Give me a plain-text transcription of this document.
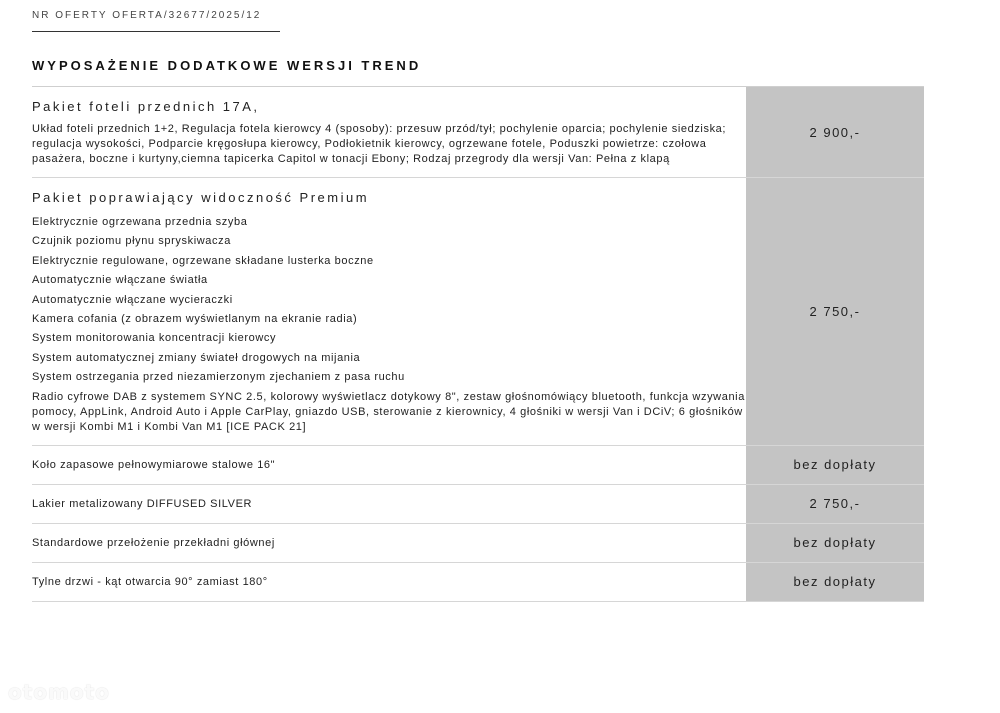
NR OFERTY OFERTA/32677/2025/12
WYPOSAŻENIE DODATKOWE WERSJI TREND
Pakiet foteli przednich 17A,
Układ foteli przednich 1+2, Regulacja fotela kierowcy 4 (sposoby): przesuw przód/tył; pochylenie oparcia; pochylenie siedziska; regulacja wysokości, Podparcie kręgosłupa kierowcy, Podłokietnik kierowcy, ogrzewane fotele, Poduszki powietrze: czołowa pasażera, boczne i kurtyny,ciemna tapicerka Capitol w tonacji Ebony; Rodzaj przegrody dla wersji Van: Pełna z klapą
2 900,-
Pakiet poprawiający widoczność Premium
Elektrycznie ogrzewana przednia szyba
Czujnik poziomu płynu spryskiwacza
Elektrycznie regulowane, ogrzewane składane lusterka boczne
Automatycznie włączane światła
Automatycznie włączane wycieraczki
Kamera cofania (z obrazem wyświetlanym na ekranie radia)
System monitorowania koncentracji kierowcy
System automatycznej zmiany świateł drogowych na mijania
System ostrzegania przed niezamierzonym zjechaniem z pasa ruchu
Radio cyfrowe DAB z systemem SYNC 2.5, kolorowy wyświetlacz dotykowy 8", zestaw głośnomówiący bluetooth, funkcja wzywania pomocy, AppLink, Android Auto i Apple CarPlay, gniazdo USB, sterowanie z kierownicy, 4 głośniki w wersji Van i DCiV; 6 głośników w wersji Kombi M1 i Kombi Van M1 [ICE PACK 21]
2 750,-
Koło zapasowe pełnowymiarowe stalowe 16"	bez dopłaty
Lakier metalizowany DIFFUSED SILVER	2 750,-
Standardowe przełożenie przekładni głównej	bez dopłaty
Tylne drzwi - kąt otwarcia 90° zamiast 180°	bez dopłaty
otomoto
